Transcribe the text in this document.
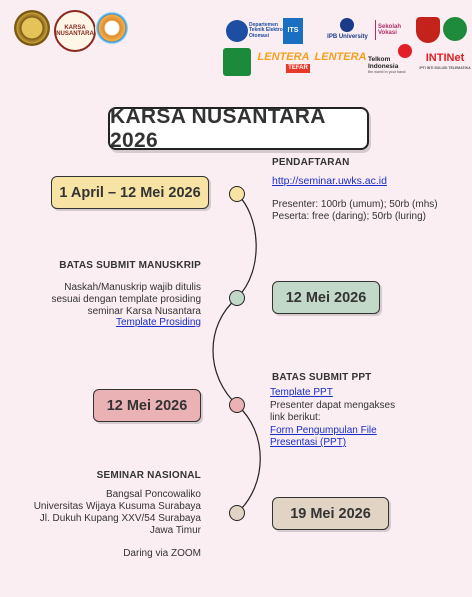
KARSA NUSANTARA
Departemen Teknik Elektro Otomasi
ITS
IPB University
Sekolah Vokasi
LENTERA
TEFAR
LENTERA Telkom Indonesia
the world in your hand
INTINet
IPTI INTI SOLUSI TELEMATIKA
KARSA NUSANTARA 2026
1 April – 12 Mei 2026
PENDAFTARAN
http://seminar.uwks.ac.id
Presenter: 100rb (umum); 50rb (mhs)
Peserta: free (daring); 50rb (luring)
BATAS SUBMIT MANUSKRIP
Naskah/Manuskrip wajib ditulis
sesuai dengan template prosiding
seminar Karsa Nusantara
Template Prosiding
12 Mei 2026
12 Mei 2026
BATAS SUBMIT PPT
Template PPT
Presenter dapat mengakses
link berikut:
Form Pengumpulan File
Presentasi (PPT)
SEMINAR NASIONAL
Bangsal Poncowaliko
Universitas Wijaya Kusuma Surabaya
Jl. Dukuh Kupang XXV/54 Surabaya
Jawa Timur
Daring via ZOOM
19 Mei 2026
